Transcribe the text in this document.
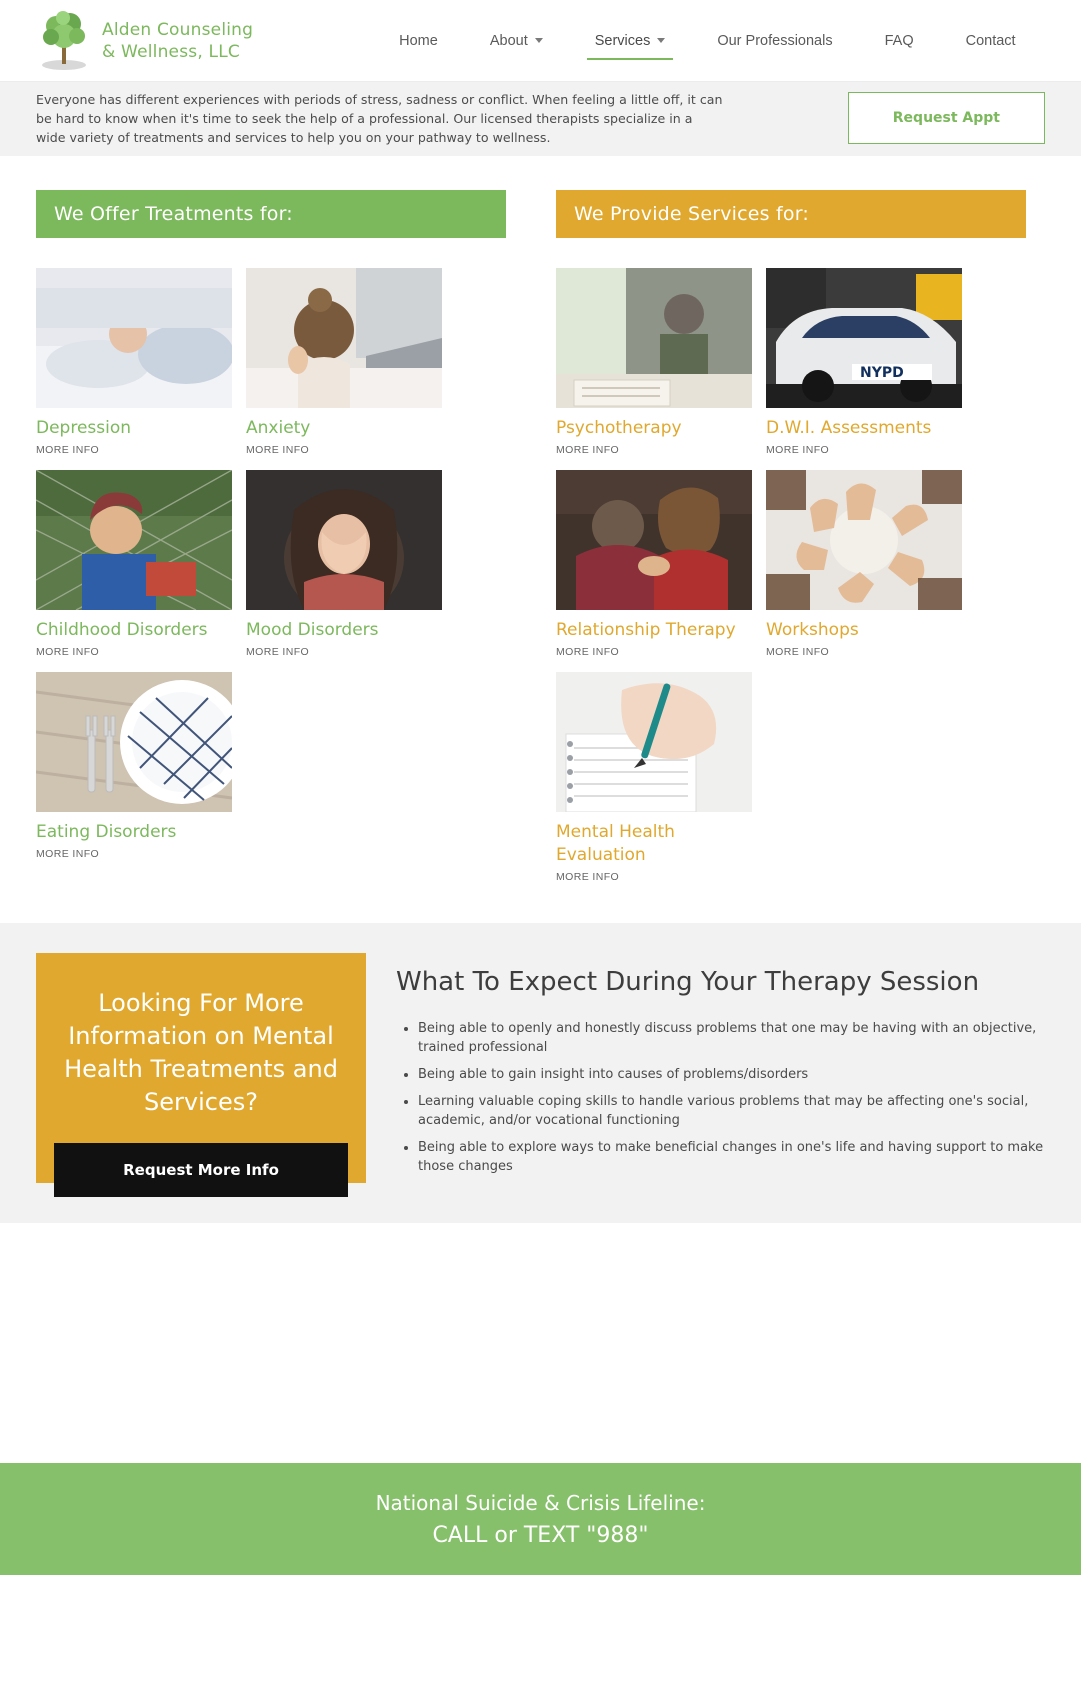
Alden Counseling
& Wellness, LLC
Home	About	Services	Our Professionals	FAQ	Contact

Everyone has different experiences with periods of stress, sadness or conflict. When feeling a little off, it can be hard to know when it's time to seek the help of a professional. Our licensed therapists specialize in a wide variety of treatments and services to help you on your pathway to wellness.

Request Appt
We Offer Treatments for:
Depression
MORE INFO
Anxiety
MORE INFO
Childhood Disorders
MORE INFO
Mood Disorders
MORE INFO
Eating Disorders
MORE INFO
We Provide Services for:
Psychotherapy
MORE INFO
NYPD
D.W.I. Assessments
MORE INFO
Relationship Therapy
MORE INFO
Workshops
MORE INFO
Mental Health Evaluation
MORE INFO
Looking For More Information on Mental Health Treatments and Services?
Request More Info
What To Expect During Your Therapy Session
• Being able to openly and honestly discuss problems that one may be having with an objective, trained professional
• Being able to gain insight into causes of problems/disorders
• Learning valuable coping skills to handle various problems that may be affecting one's social, academic, and/or vocational functioning
• Being able to explore ways to make beneficial changes in one's life and having support to make those changes
National Suicide & Crisis Lifeline:
CALL or TEXT "988"
